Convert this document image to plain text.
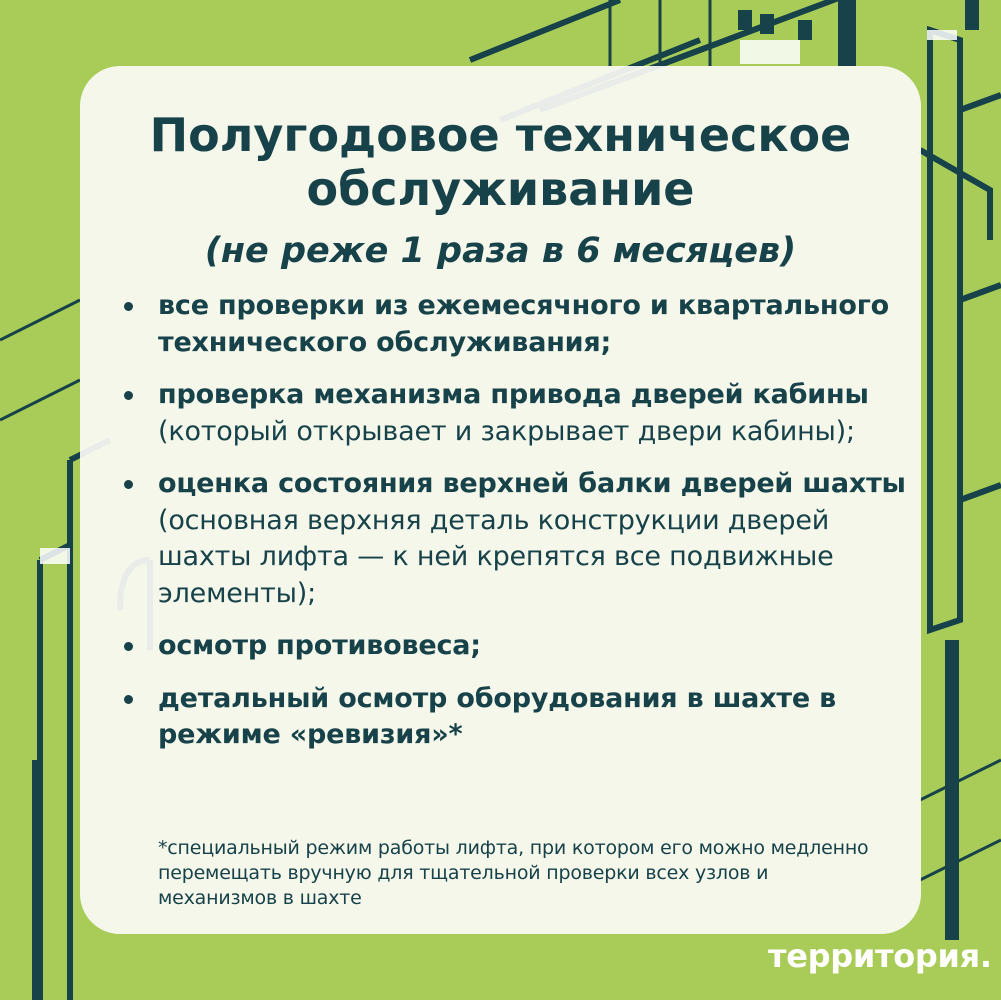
Полугодовое техническое
обслуживание
(не реже 1 раза в 6 месяцев)
все проверки из ежемесячного и квартального технического обслуживания;
проверка механизма привода дверей кабины (который открывает и закрывает двери кабины);
оценка состояния верхней балки дверей шахты (основная верхняя деталь конструкции дверей шахты лифта — к ней крепятся все подвижные элементы);
осмотр противовеса;
детальный осмотр оборудования в шахте в режиме «ревизия»*
*специальный режим работы лифта, при котором его можно медленно перемещать вручную для тщательной проверки всех узлов и механизмов в шахте
территория.
